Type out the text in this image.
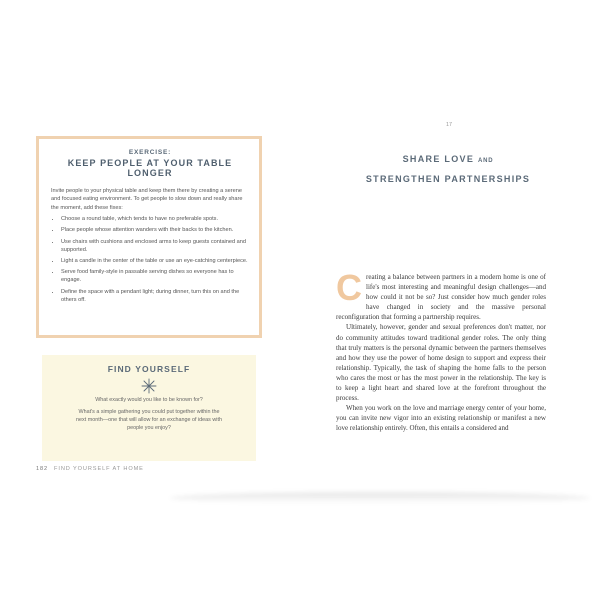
EXERCISE:
KEEP PEOPLE AT YOUR TABLE LONGER

Invite people to your physical table and keep them there by creating a serene and focused eating environment. To get people to slow down and really share the moment, add these fixes:

• Choose a round table, which tends to have no preferable spots.
• Place people whose attention wanders with their backs to the kitchen.
• Use chairs with cushions and enclosed arms to keep guests contained and supported.
• Light a candle in the center of the table or use an eye-catching centerpiece.
• Serve food family-style in passable serving dishes so everyone has to engage.
• Define the space with a pendant light; during dinner, turn this on and the others off.
FIND YOURSELF
What exactly would you like to be known for?
What's a simple gathering you could put together within the next month—one that will allow for an exchange of ideas with people you enjoy?
182 FIND YOURSELF AT HOME
17
SHARE LOVE AND
STRENGTHEN PARTNERSHIPS

Creating a balance between partners in a modern home is one of life's most interesting and meaningful design challenges—and how could it not be so? Just consider how much gender roles have changed in society and the massive personal reconfiguration that forming a partnership requires.

Ultimately, however, gender and sexual preferences don't matter, nor do community attitudes toward traditional gender roles. The only thing that truly matters is the personal dynamic between the partners themselves and how they use the power of home design to support and express their relationship. Typically, the task of shaping the home falls to the person who cares the most or has the most power in the relationship. The key is to keep a light heart and shared love at the forefront throughout the process.

When you work on the love and marriage energy center of your home, you can invite new vigor into an existing relationship or manifest a new love relationship entirely. Often, this entails a considered and
